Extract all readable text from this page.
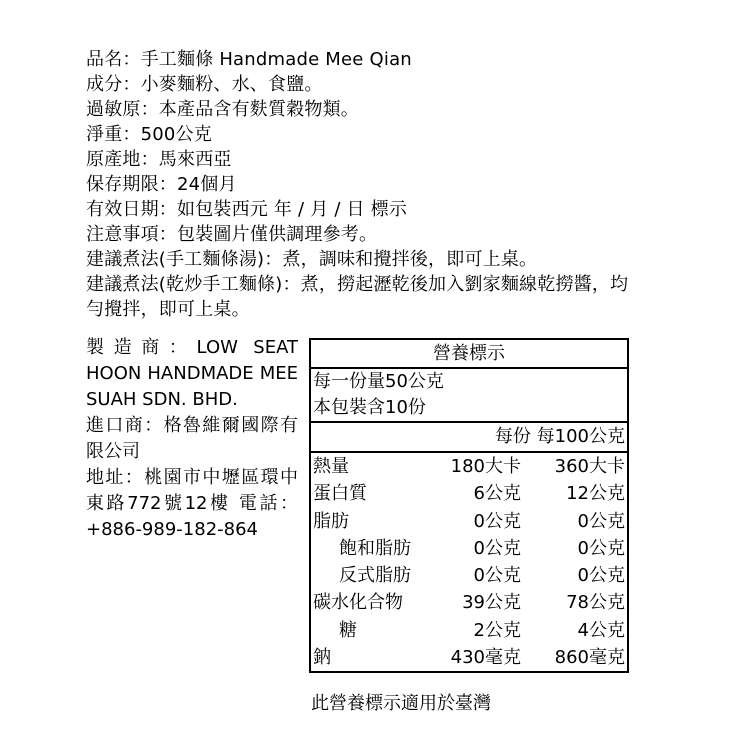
品名：手工麵條 Handmade Mee Qian
成分：小麥麵粉、水、食鹽。
過敏原：本產品含有麩質穀物類。
淨重：500公克
原產地：馬來西亞
保存期限：24個月
有效日期：如包裝西元 年 / 月 / 日 標示
注意事項：包裝圖片僅供調理參考。
建議煮法(手工麵條湯)：煮，調味和攪拌後，即可上桌。
建議煮法(乾炒手工麵條)：煮，撈起瀝乾後加入劉家麵線乾撈醬，均勻攪拌，即可上桌。

製造商：LOW SEAT HOON HANDMADE MEE SUAH SDN. BHD.

進口商：格魯維爾國際有限公司

地址：桃園市中壢區環中東路772號12樓 電話：+886-989-182-864

營養標示
每一份量50公克
本包裝含10份
每份 每100公克
熱量	180大卡	360大卡
蛋白質	6公克	12公克
脂肪	0公克	0公克
飽和脂肪	0公克	0公克
反式脂肪	0公克	0公克
碳水化合物	39公克	78公克
糖	2公克	4公克
鈉	430毫克	860毫克
此營養標示適用於臺灣
